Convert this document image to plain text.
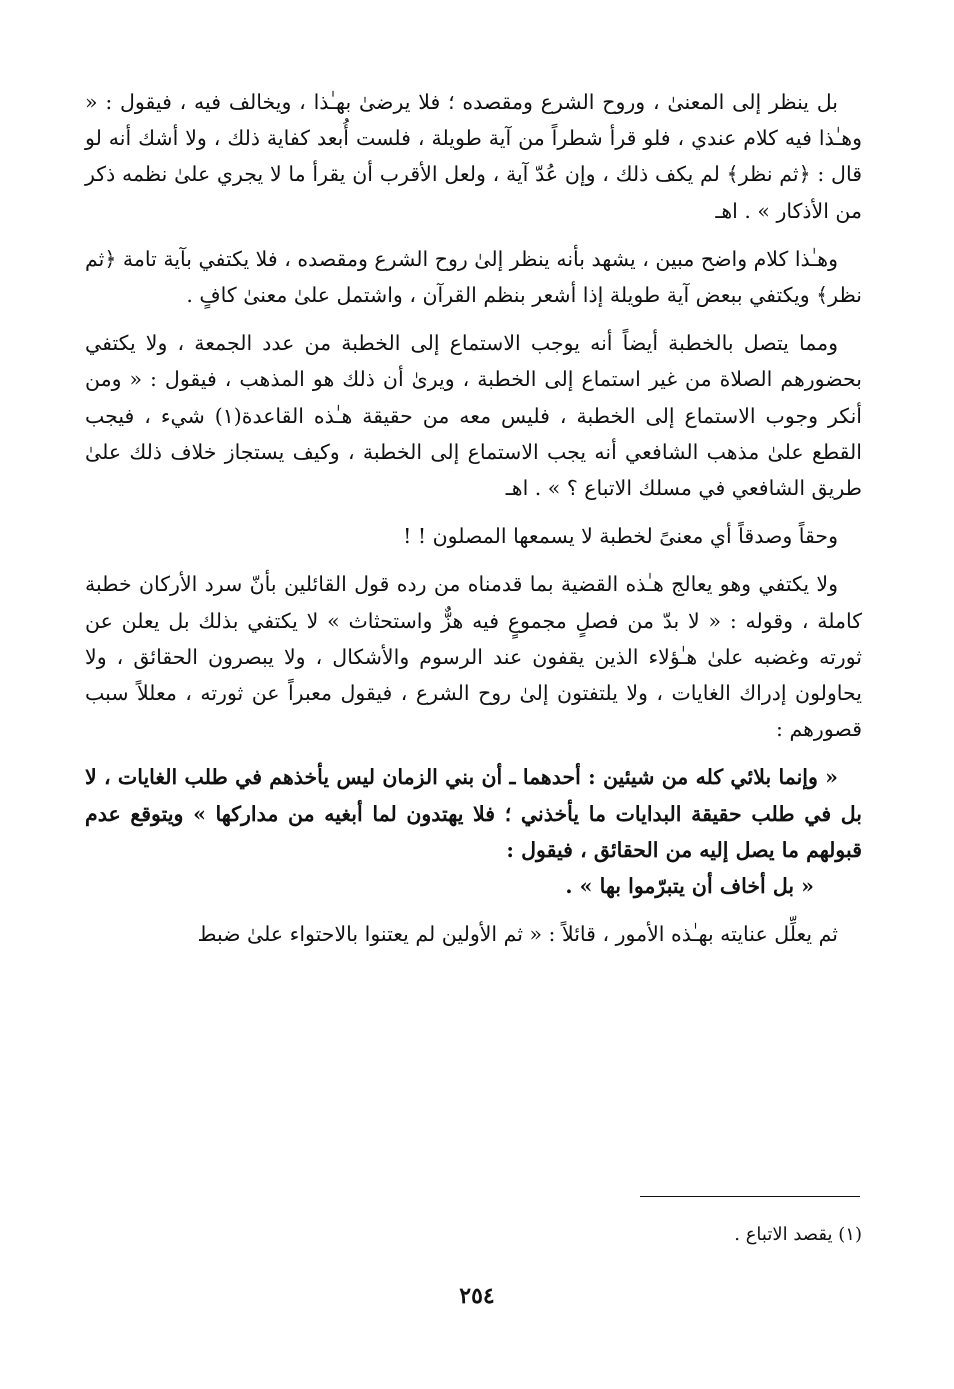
بل ينظر إلى المعنىٰ ، وروح الشرع ومقصده ؛ فلا يرضىٰ بهـٰذا ، ويخالف فيه ، فيقول : « وهـٰذا فيه كلام عندي ، فلو قرأ شطراً من آية طويلة ، فلست أُبعد كفاية ذلك ، ولا أشك أنه لو قال : ﴿ثم نظر﴾ لم يكف ذلك ، وإن عُدّ آية ، ولعل الأقرب أن يقرأ ما لا يجري علىٰ نظمه ذكر من الأذكار » . اهـ

وهـٰذا كلام واضح مبين ، يشهد بأنه ينظر إلىٰ روح الشرع ومقصده ، فلا يكتفي بآية تامة ﴿ثم نظر﴾ ويكتفي ببعض آية طويلة إذا أشعر بنظم القرآن ، واشتمل علىٰ معنىٰ كافٍ .

ومما يتصل بالخطبة أيضاً أنه يوجب الاستماع إلى الخطبة من عدد الجمعة ، ولا يكتفي بحضورهم الصلاة من غير استماع إلى الخطبة ، ويرىٰ أن ذلك هو المذهب ، فيقول : « ومن أنكر وجوب الاستماع إلى الخطبة ، فليس معه من حقيقة هـٰذه القاعدة(١) شيء ، فيجب القطع علىٰ مذهب الشافعي أنه يجب الاستماع إلى الخطبة ، وكيف يستجاز خلاف ذلك علىٰ طريق الشافعي في مسلك الاتباع ؟ » . اهـ

وحقاً وصدقاً أي معنىً لخطبة لا يسمعها المصلون ! !

ولا يكتفي وهو يعالج هـٰذه القضية بما قدمناه من رده قول القائلين بأنّ سرد الأركان خطبة كاملة ، وقوله : « لا بدّ من فصلٍ مجموعٍ فيه هزٌّ واستحثاث » لا يكتفي بذلك بل يعلن عن ثورته وغضبه علىٰ هـٰؤلاء الذين يقفون عند الرسوم والأشكال ، ولا يبصرون الحقائق ، ولا يحاولون إدراك الغايات ، ولا يلتفتون إلىٰ روح الشرع ، فيقول معبراً عن ثورته ، معللاً سبب قصورهم :

« وإنما بلائي كله من شيئين : أحدهما ـ أن بني الزمان ليس يأخذهم في طلب الغايات ، لا بل في طلب حقيقة البدايات ما يأخذني ؛ فلا يهتدون لما أبغيه من مداركها » ويتوقع عدم قبولهم ما يصل إليه من الحقائق ، فيقول :

« بل أخاف أن يتبرّموا بها » .

ثم يعلِّل عنايته بهـٰذه الأمور ، قائلاً : « ثم الأولين لم يعتنوا بالاحتواء علىٰ ضبط

(١) يقصد الاتباع .
٢٥٤
